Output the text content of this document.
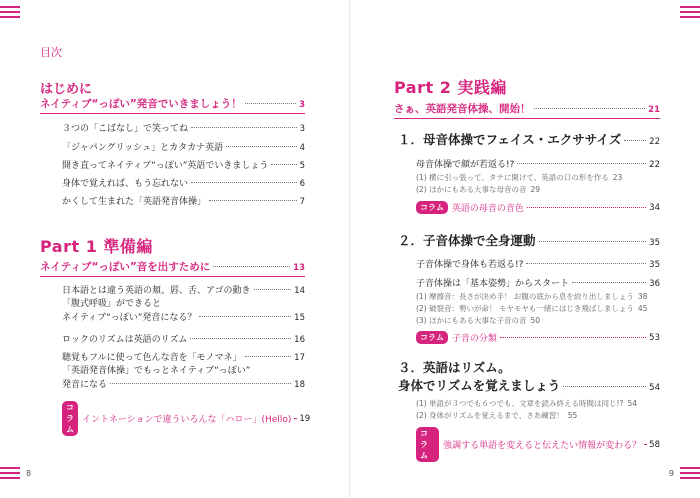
8
目次
はじめに
ネイティブ“っぽい”発音でいきましょう！	3
３つの「こばなし」で笑ってね	3
「ジャパングリッシュ」とカタカナ英語	4
開き直ってネイティブ“っぽい”英語でいきましょう	5
身体で覚えれば、もう忘れない	6
かくして生まれた「英語発音体操」	7
Part 1 準備編
ネイティブ“っぽい”音を出すために	13
日本語とは違う英語の頬、唇、舌、アゴの動き	14
「腹式呼吸」ができると
ネイティブ“っぽい”発音になる？	15
ロックのリズムは英語のリズム	16
聴覚もフルに使って色んな音を「モノマネ」	17
「英語発音体操」でもっとネイティブ“っぽい”
発音になる	18
コラム
イントネーションで違ういろんな「ハロー」(Hello) 19
9
Part 2 実践編
さぁ、英語発音体操、開始！	21
１．母音体操でフェイス・エクササイズ	22
母音体操で顔が若返る!?	22
(1) 横に引っ張って、タテに開けて、英語の口の形を作る 23
(2) ほかにもある大事な母音の音 29
コラム 英語の母音の音色	34
２．子音体操で全身運動	35
子音体操で身体も若返る!?	35
子音体操は「基本姿勢」からスタート	36
(1) 摩擦音：長さが決め手！ お腹の底から息を絞り出しましょう 38
(2) 破裂音：勢いが命！ モヤモヤも一緒にはじき飛ばしましょう 45
(3) ほかにもある大事な子音の音 50
コラム 子音の分類	53
３．英語はリズム。
身体でリズムを覚えましょう	54
(1) 単語が３つでも６つでも、文章を読み終える時間は同じ!? 54
(2) 身体がリズムを覚えるまで、さあ練習！ 55
コラム
強調する単語を変えると伝えたい情報が変わる？ 58
